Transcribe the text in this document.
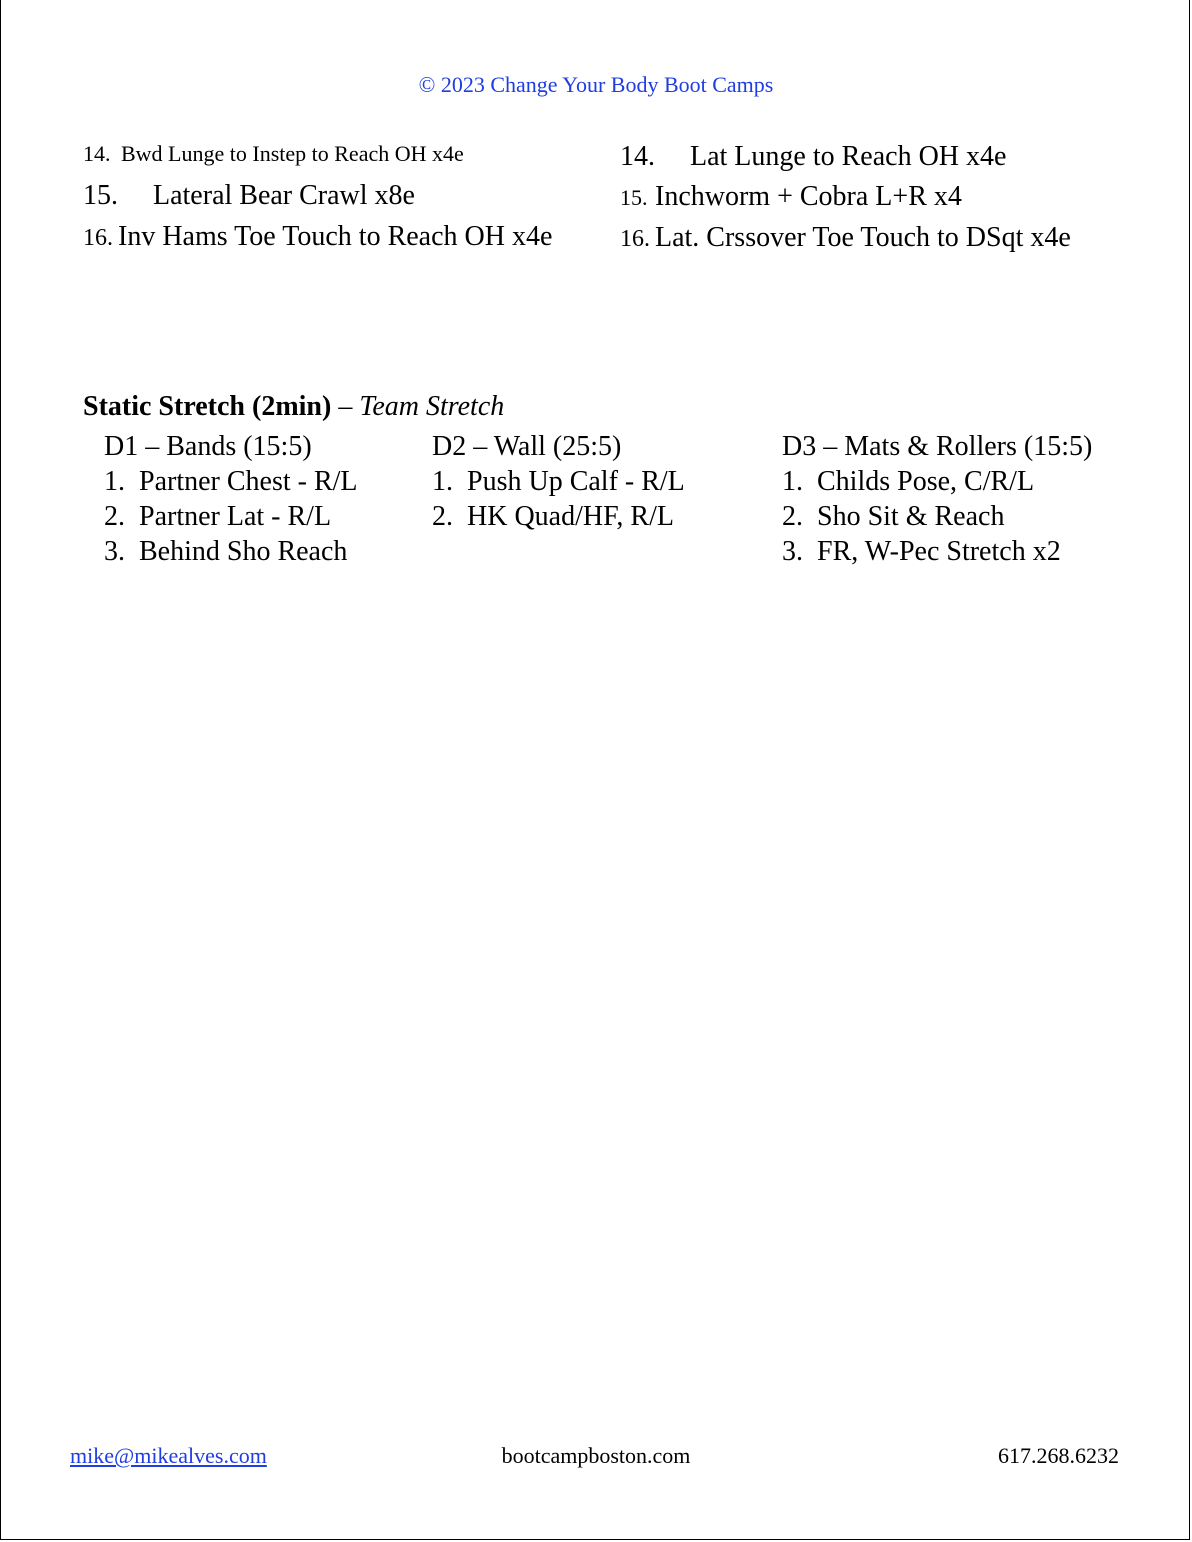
© 2023 Change Your Body Boot Camps
14. Bwd Lunge to Instep to Reach OH x4e
15. Lateral Bear Crawl x8e
16. Inv Hams Toe Touch to Reach OH x4e
14. Lat Lunge to Reach OH x4e
15. Inchworm + Cobra L+R x4
16. Lat. Crssover Toe Touch to DSqt x4e
Static Stretch (2min) – Team Stretch
D1 – Bands (15:5)
1. Partner Chest - R/L
2. Partner Lat - R/L
3. Behind Sho Reach
D2 – Wall (25:5)
1. Push Up Calf - R/L
2. HK Quad/HF, R/L
D3 – Mats & Rollers (15:5)
1. Childs Pose, C/R/L
2. Sho Sit & Reach
3. FR, W-Pec Stretch x2
mike@mikealves.com	bootcampboston.com	617.268.6232
